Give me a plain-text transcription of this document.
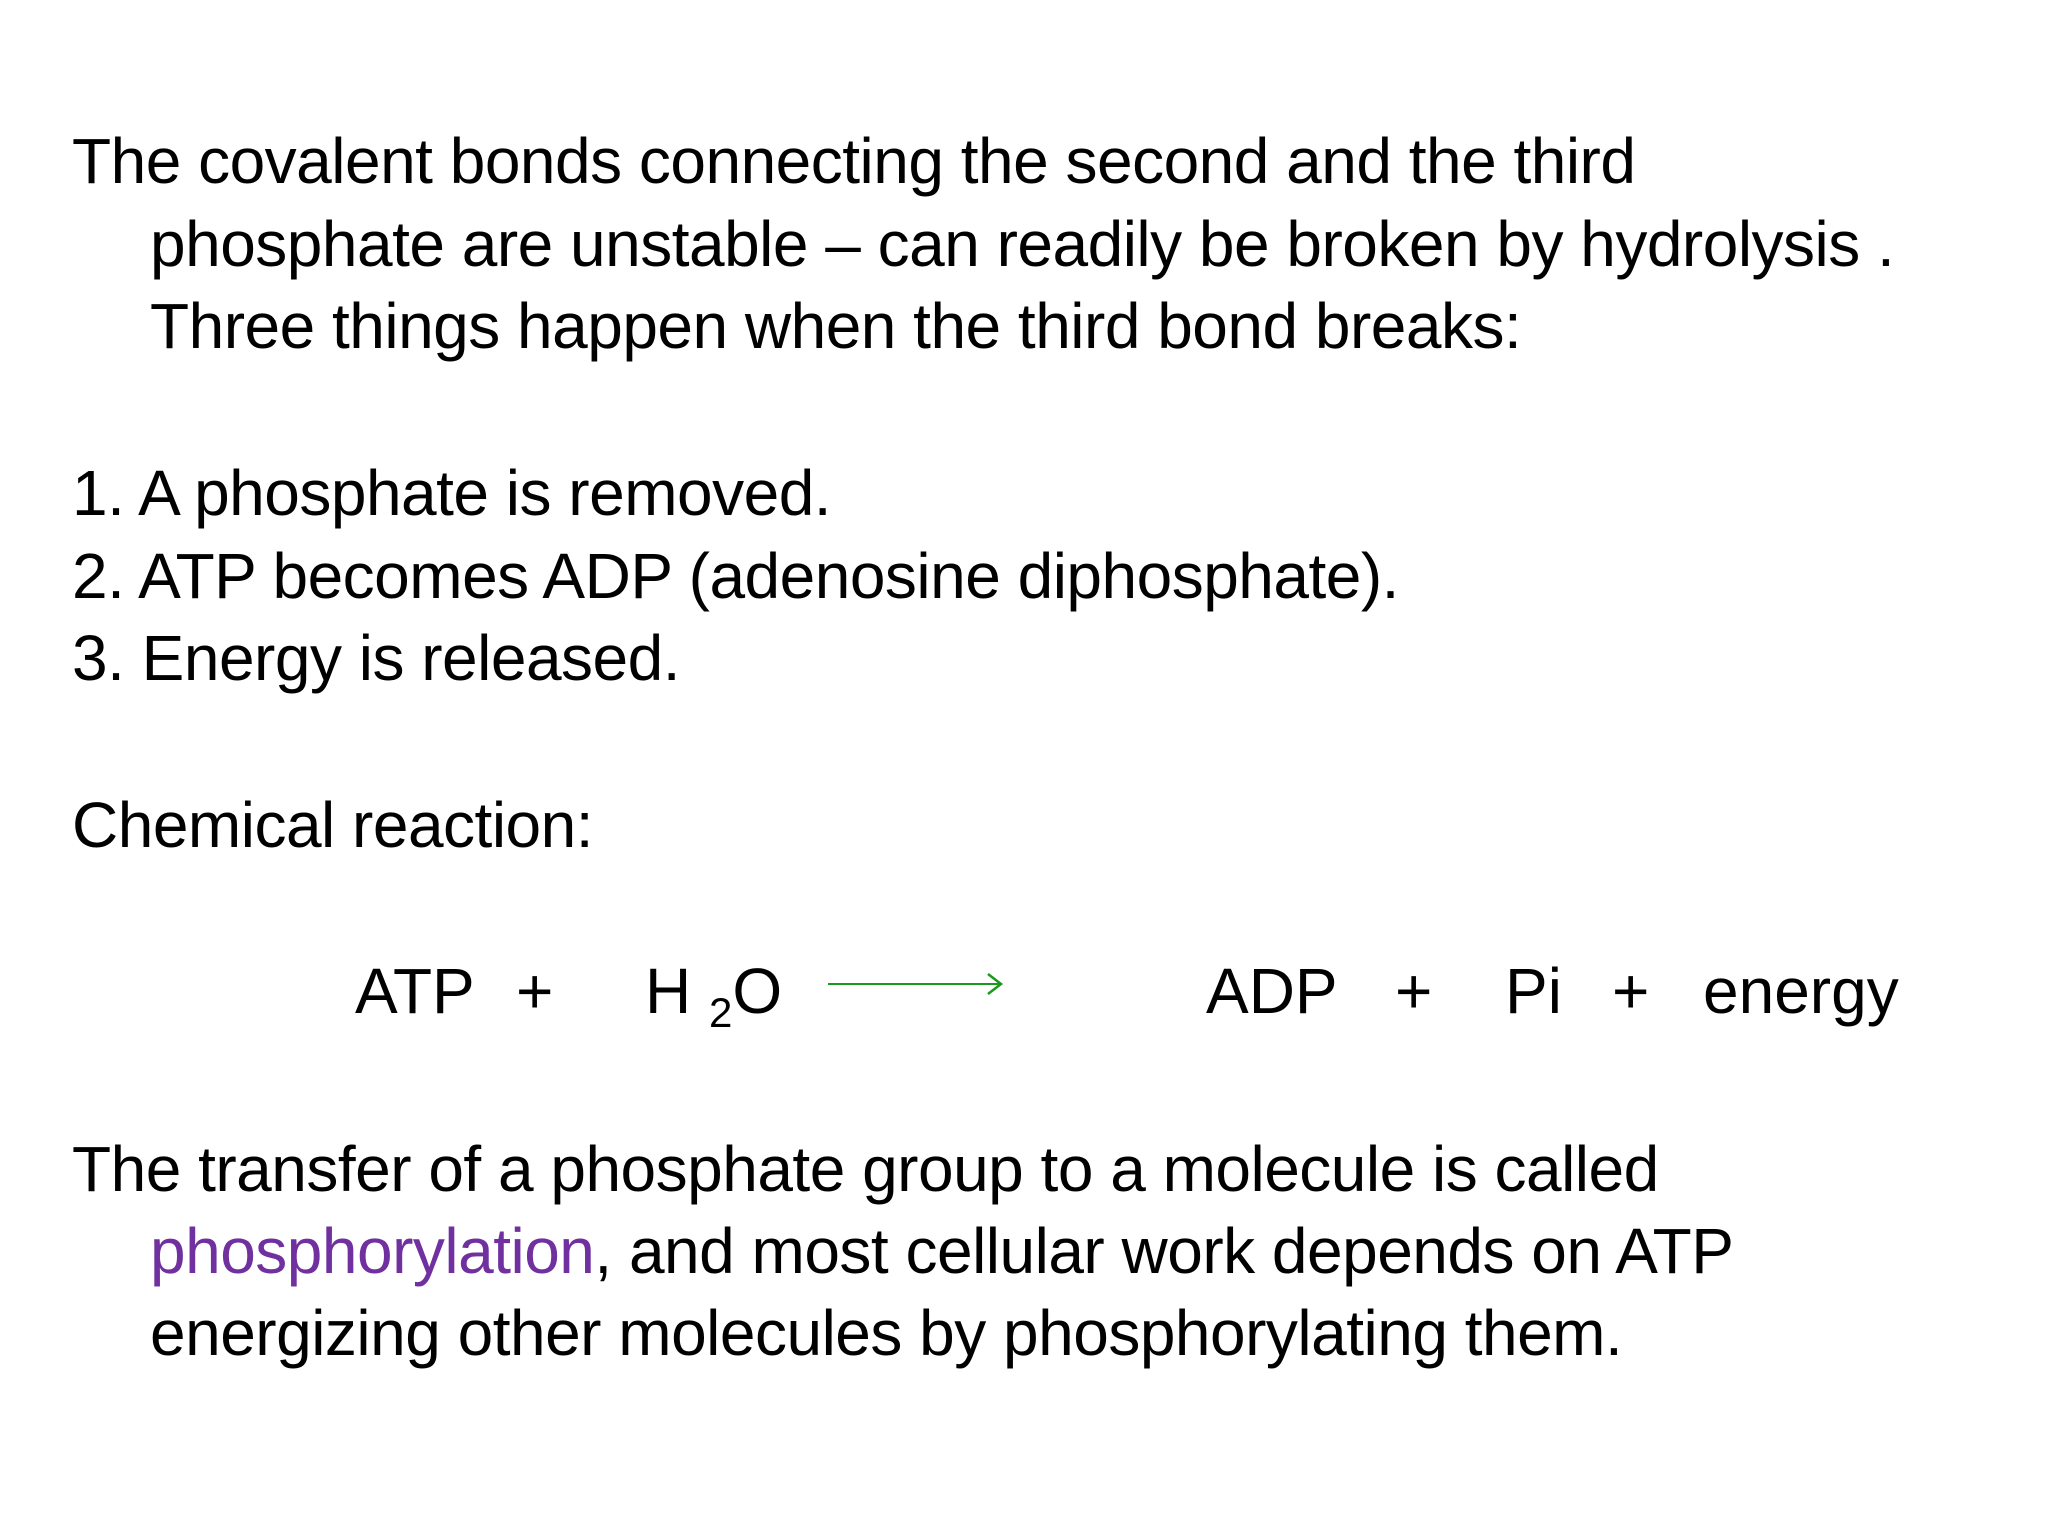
The covalent bonds connecting the second and the third
phosphate are unstable – can readily be broken by hydrolysis .
Three things happen when the third bond breaks:
1. A phosphate is removed.
2. ATP becomes ADP (adenosine diphosphate).
3. Energy is released.
Chemical reaction:
ATP + H $_2$O	ADP + Pi + energy
The transfer of a phosphate group to a molecule is called
phosphorylation, and most cellular work depends on ATP
energizing other molecules by phosphorylating them.
